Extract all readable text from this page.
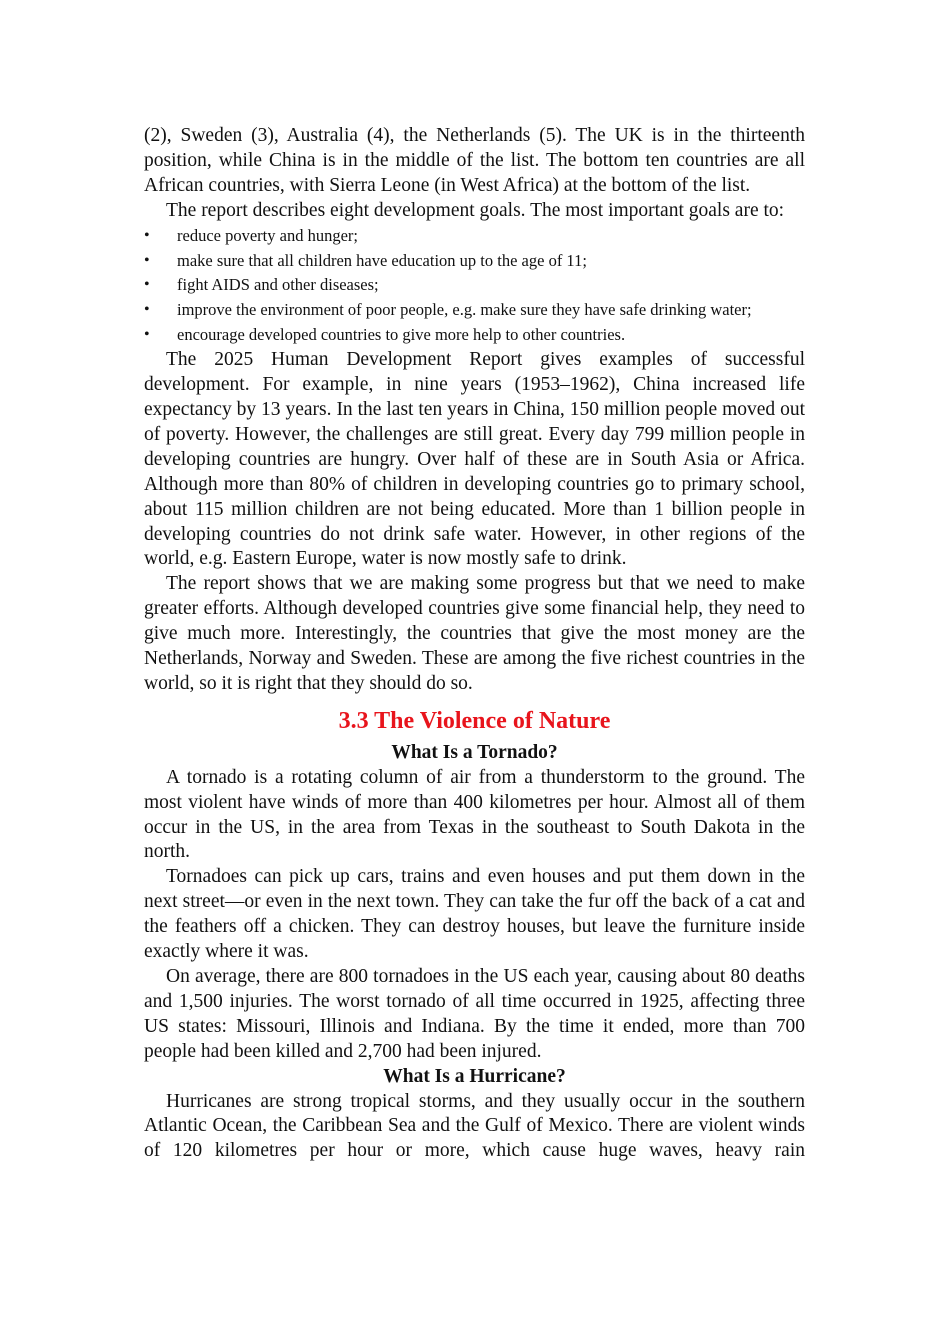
(2), Sweden (3), Australia (4), the Netherlands (5). The UK is in the thirteenth position, while China is in the middle of the list. The bottom ten countries are all African countries, with Sierra Leone (in West Africa) at the bottom of the list.

The report describes eight development goals. The most important goals are to:

• reduce poverty and hunger;
• make sure that all children have education up to the age of 11;
• fight AIDS and other diseases;
• improve the environment of poor people, e.g. make sure they have safe drinking water;
• encourage developed countries to give more help to other countries.

The 2025 Human Development Report gives examples of successful development. For example, in nine years (1953–1962), China increased life expectancy by 13 years. In the last ten years in China, 150 million people moved out of poverty. However, the challenges are still great. Every day 799 million people in developing countries are hungry. Over half of these are in South Asia or Africa. Although more than 80% of children in developing countries go to primary school, about 115 million children are not being educated. More than 1 billion people in developing countries do not drink safe water. However, in other regions of the world, e.g. Eastern Europe, water is now mostly safe to drink.

The report shows that we are making some progress but that we need to make greater efforts. Although developed countries give some financial help, they need to give much more. Interestingly, the countries that give the most money are the Netherlands, Norway and Sweden. These are among the five richest countries in the world, so it is right that they should do so.

3.3 The Violence of Nature
What Is a Tornado?

A tornado is a rotating column of air from a thunderstorm to the ground. The most violent have winds of more than 400 kilometres per hour. Almost all of them occur in the US, in the area from Texas in the southeast to South Dakota in the north.

Tornadoes can pick up cars, trains and even houses and put them down in the next street—or even in the next town. They can take the fur off the back of a cat and the feathers off a chicken. They can destroy houses, but leave the furniture inside exactly where it was.

On average, there are 800 tornadoes in the US each year, causing about 80 deaths and 1,500 injuries. The worst tornado of all time occurred in 1925, affecting three US states: Missouri, Illinois and Indiana. By the time it ended, more than 700 people had been killed and 2,700 had been injured.

What Is a Hurricane?

Hurricanes are strong tropical storms, and they usually occur in the southern Atlantic Ocean, the Caribbean Sea and the Gulf of Mexico. There are violent winds of 120 kilometres per hour or more, which cause huge waves, heavy rain
